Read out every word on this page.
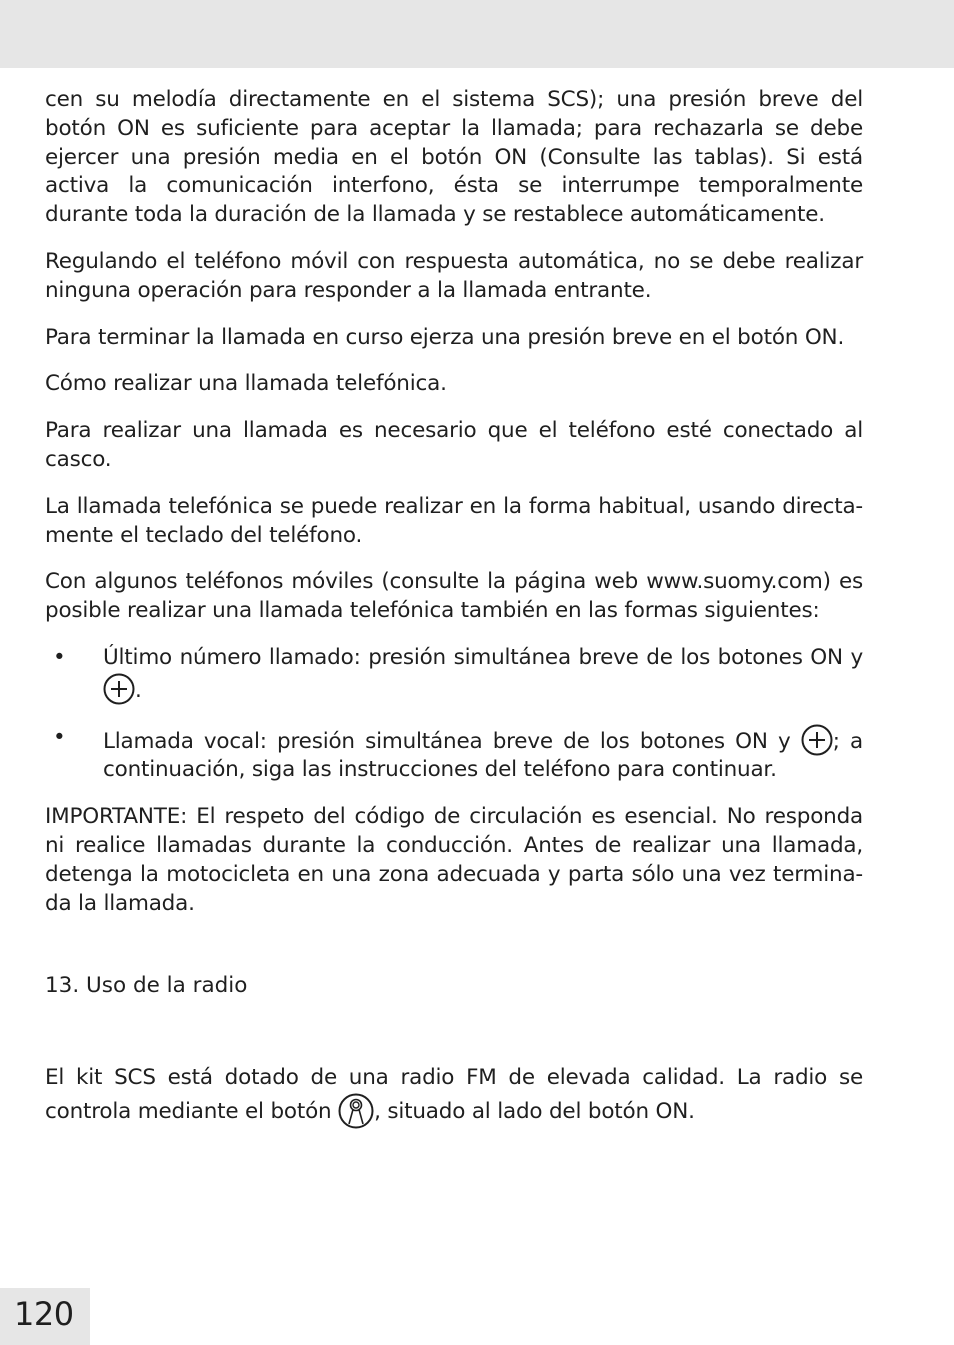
cen su melodía directamente en el sistema SCS); una presión breve del botón ON es suficiente para aceptar la llamada; para rechazarla se debe ejercer una presión media en el botón ON (Consulte las tablas). Si está activa la comunicación interfono, ésta se interrumpe temporalmente durante toda la duración de la llamada y se restablece automáticamente.

Regulando el teléfono móvil con respuesta automática, no se debe realizar ninguna operación para responder a la llamada entrante.

Para terminar la llamada en curso ejerza una presión breve en el botón ON.

Cómo realizar una llamada telefónica.

Para realizar una llamada es necesario que el teléfono esté conectado al casco.

La llamada telefónica se puede realizar en la forma habitual, usando directa-mente el teclado del teléfono.

Con algunos teléfonos móviles (consulte la página web www.suomy.com) es posible realizar una llamada telefónica también en las formas siguientes:

• Último número llamado: presión simultánea breve de los botones ON y .
• Llamada vocal: presión simultánea breve de los botones ON y ; a continuación, siga las instrucciones del teléfono para continuar.

IMPORTANTE: El respeto del código de circulación es esencial. No responda ni realice llamadas durante la conducción. Antes de realizar una llamada, detenga la motocicleta en una zona adecuada y parta sólo una vez termina-da la llamada.

13. Uso de la radio
El kit SCS está dotado de una radio FM de elevada calidad. La radio se controla mediante el botón , situado al lado del botón ON.
120
